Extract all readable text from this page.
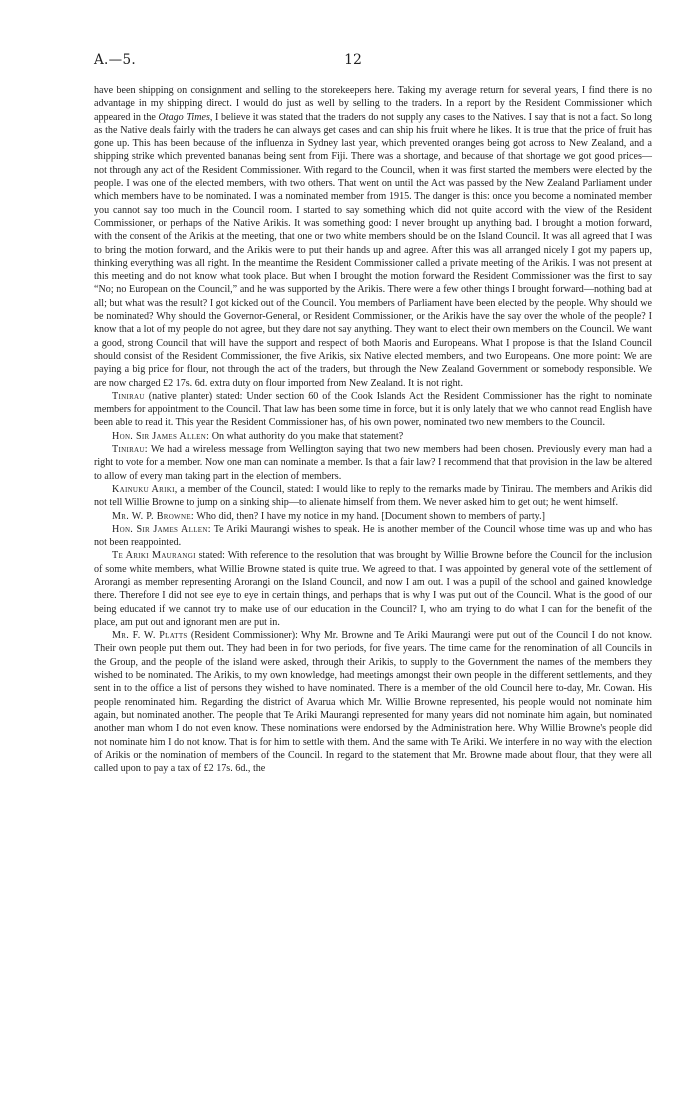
12
A.—5.

have been shipping on consignment and selling to the storekeepers here. Taking my average return for several years, I find there is no advantage in my shipping direct. I would do just as well by selling to the traders. In a report by the Resident Commissioner which appeared in the Otago Times, I believe it was stated that the traders do not supply any cases to the Natives. I say that is not a fact. So long as the Native deals fairly with the traders he can always get cases and can ship his fruit where he likes. It is true that the price of fruit has gone up. This has been because of the influenza in Sydney last year, which prevented oranges being got across to New Zealand, and a shipping strike which prevented bananas being sent from Fiji. There was a shortage, and because of that shortage we got good prices—not through any act of the Resident Commissioner. With regard to the Council, when it was first started the members were elected by the people. I was one of the elected members, with two others. That went on until the Act was passed by the New Zealand Parliament under which members have to be nominated. I was a nominated member from 1915. The danger is this: once you become a nominated member you cannot say too much in the Council room. I started to say something which did not quite accord with the view of the Resident Commissioner, or perhaps of the Native Arikis. It was something good: I never brought up anything bad. I brought a motion forward, with the consent of the Arikis at the meeting, that one or two white members should be on the Island Council. It was all agreed that I was to bring the motion forward, and the Arikis were to put their hands up and agree. After this was all arranged nicely I got my papers up, thinking everything was all right. In the meantime the Resident Commissioner called a private meeting of the Arikis. I was not present at this meeting and do not know what took place. But when I brought the motion forward the Resident Commissioner was the first to say “No; no European on the Council,” and he was supported by the Arikis. There were a few other things I brought forward—nothing bad at all; but what was the result? I got kicked out of the Council. You members of Parliament have been elected by the people. Why should we be nominated? Why should the Governor-General, or Resident Commissioner, or the Arikis have the say over the whole of the people? I know that a lot of my people do not agree, but they dare not say anything. They want to elect their own members on the Council. We want a good, strong Council that will have the support and respect of both Maoris and Europeans. What I propose is that the Island Council should consist of the Resident Commissioner, the five Arikis, six Native elected members, and two Europeans. One more point: We are paying a big price for flour, not through the act of the traders, but through the New Zealand Government or somebody responsible. We are now charged £2 17s. 6d. extra duty on flour imported from New Zealand. It is not right.

Tinirau (native planter) stated: Under section 60 of the Cook Islands Act the Resident Commissioner has the right to nominate members for appointment to the Council. That law has been some time in force, but it is only lately that we who cannot read English have been able to read it. This year the Resident Commissioner has, of his own power, nominated two new members to the Council.

Hon. Sir James Allen: On what authority do you make that statement?

Tinirau: We had a wireless message from Wellington saying that two new members had been chosen. Previously every man had a right to vote for a member. Now one man can nominate a member. Is that a fair law? I recommend that that provision in the law be altered to allow of every man taking part in the election of members.

Kainuku Ariki, a member of the Council, stated: I would like to reply to the remarks made by Tinirau. The members and Arikis did not tell Willie Browne to jump on a sinking ship—to alienate himself from them. We never asked him to get out; he went himself.

Mr. W. P. Browne: Who did, then? I have my notice in my hand. [Document shown to members of party.]

Hon. Sir James Allen: Te Ariki Maurangi wishes to speak. He is another member of the Council whose time was up and who has not been reappointed.

Te Ariki Maurangi stated: With reference to the resolution that was brought by Willie Browne before the Council for the inclusion of some white members, what Willie Browne stated is quite true. We agreed to that. I was appointed by general vote of the settlement of Arorangi as member representing Arorangi on the Island Council, and now I am out. I was a pupil of the school and gained knowledge there. Therefore I did not see eye to eye in certain things, and perhaps that is why I was put out of the Council. What is the good of our being educated if we cannot try to make use of our education in the Council? I, who am trying to do what I can for the benefit of the place, am put out and ignorant men are put in.

Mr. F. W. Platts (Resident Commissioner): Why Mr. Browne and Te Ariki Maurangi were put out of the Council I do not know. Their own people put them out. They had been in for two periods, for five years. The time came for the renomination of all Councils in the Group, and the people of the island were asked, through their Arikis, to supply to the Government the names of the members they wished to be nominated. The Arikis, to my own knowledge, had meetings amongst their own people in the different settlements, and they sent in to the office a list of persons they wished to have nominated. There is a member of the old Council here to-day, Mr. Cowan. His people renominated him. Regarding the district of Avarua which Mr. Willie Browne represented, his people would not nominate him again, but nominated another. The people that Te Ariki Maurangi represented for many years did not nominate him again, but nominated another man whom I do not even know. These nominations were endorsed by the Administration here. Why Willie Browne's people did not nominate him I do not know. That is for him to settle with them. And the same with Te Ariki. We interfere in no way with the election of Arikis or the nomination of members of the Council. In regard to the statement that Mr. Browne made about flour, that they were all called upon to pay a tax of £2 17s. 6d., the
